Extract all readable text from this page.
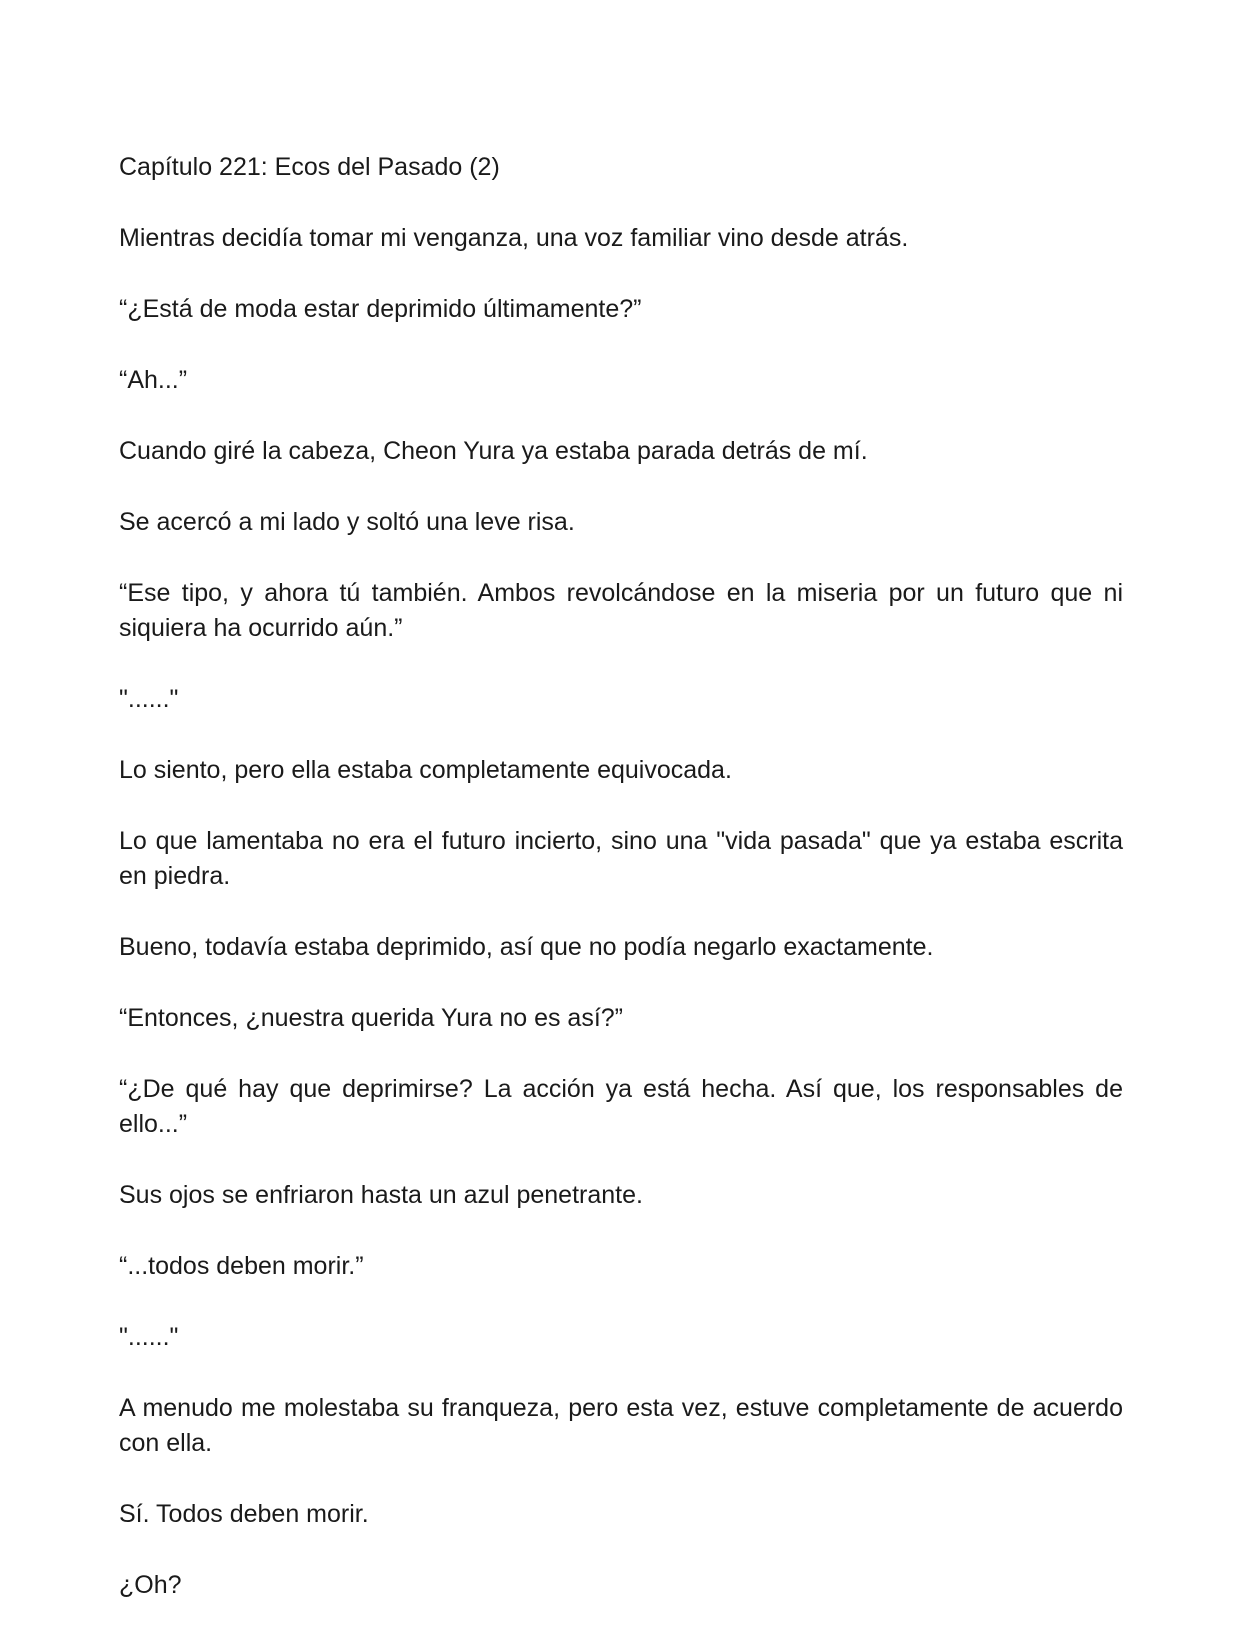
Capítulo 221: Ecos del Pasado (2)

Mientras decidía tomar mi venganza, una voz familiar vino desde atrás.

“¿Está de moda estar deprimido últimamente?”

“Ah...”

Cuando giré la cabeza, Cheon Yura ya estaba parada detrás de mí.

Se acercó a mi lado y soltó una leve risa.

“Ese tipo, y ahora tú también. Ambos revolcándose en la miseria por un futuro que ni siquiera ha ocurrido aún.”

"......"

Lo siento, pero ella estaba completamente equivocada.

Lo que lamentaba no era el futuro incierto, sino una "vida pasada" que ya estaba escrita en piedra.

Bueno, todavía estaba deprimido, así que no podía negarlo exactamente.

“Entonces, ¿nuestra querida Yura no es así?”

“¿De qué hay que deprimirse? La acción ya está hecha. Así que, los responsables de ello...”

Sus ojos se enfriaron hasta un azul penetrante.

“...todos deben morir.”

"......"

A menudo me molestaba su franqueza, pero esta vez, estuve completamente de acuerdo con ella.

Sí. Todos deben morir.

¿Oh?
